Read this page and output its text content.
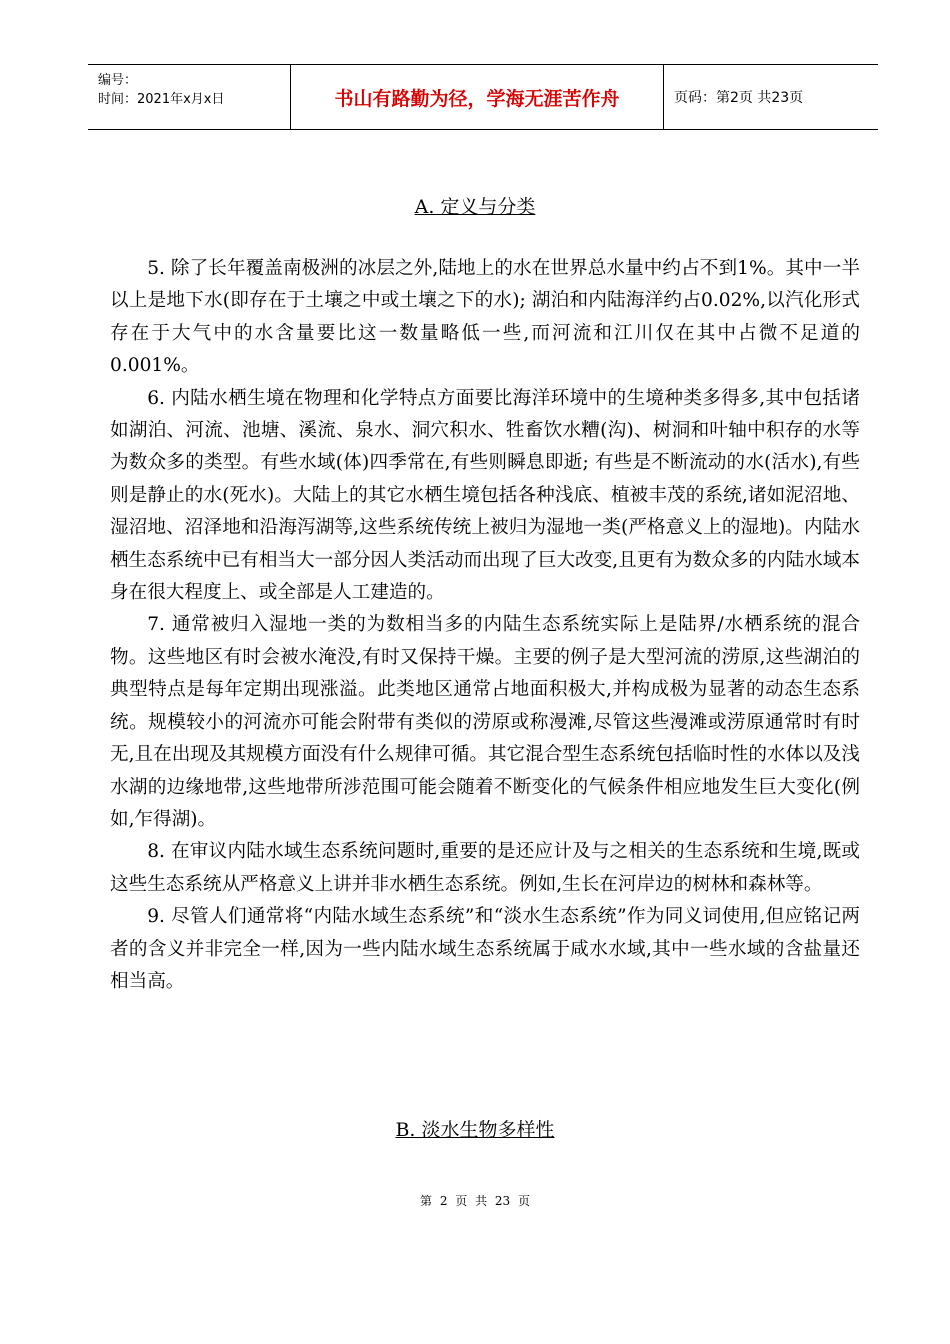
编号：
时间：2021年x月x日	书山有路勤为径，学海无涯苦作舟	页码：第2页 共23页
A. 定义与分类

5. 除了长年覆盖南极洲的冰层之外,陆地上的水在世界总水量中约占不到1%。其中一半以上是地下水(即存在于土壤之中或土壤之下的水); 湖泊和内陆海洋约占0.02%,以汽化形式存在于大气中的水含量要比这一数量略低一些,而河流和江川仅在其中占微不足道的0.001%。

6. 内陆水栖生境在物理和化学特点方面要比海洋环境中的生境种类多得多,其中包括诸如湖泊、河流、池塘、溪流、泉水、洞穴积水、牲畜饮水糟(沟)、树洞和叶轴中积存的水等为数众多的类型。有些水域(体)四季常在,有些则瞬息即逝; 有些是不断流动的水(活水),有些则是静止的水(死水)。大陆上的其它水栖生境包括各种浅底、植被丰茂的系统,诸如泥沼地、湿沼地、沼泽地和沿海泻湖等,这些系统传统上被归为湿地一类(严格意义上的湿地)。内陆水栖生态系统中已有相当大一部分因人类活动而出现了巨大改变,且更有为数众多的内陆水域本身在很大程度上、或全部是人工建造的。

7. 通常被归入湿地一类的为数相当多的内陆生态系统实际上是陆界/水栖系统的混合物。这些地区有时会被水淹没,有时又保持干燥。主要的例子是大型河流的涝原,这些湖泊的典型特点是每年定期出现涨溢。此类地区通常占地面积极大,并构成极为显著的动态生态系统。规模较小的河流亦可能会附带有类似的涝原或称漫滩,尽管这些漫滩或涝原通常时有时无,且在出现及其规模方面没有什么规律可循。其它混合型生态系统包括临时性的水体以及浅水湖的边缘地带,这些地带所涉范围可能会随着不断变化的气候条件相应地发生巨大变化(例如,乍得湖)。

8. 在审议内陆水域生态系统问题时,重要的是还应计及与之相关的生态系统和生境,既或这些生态系统从严格意义上讲并非水栖生态系统。例如,生长在河岸边的树林和森林等。

9. 尽管人们通常将“内陆水域生态系统”和“淡水生态系统”作为同义词使用,但应铭记两者的含义并非完全一样,因为一些内陆水域生态系统属于咸水水域,其中一些水域的含盐量还相当高。

B. 淡水生物多样性
第 2 页 共 23 页
